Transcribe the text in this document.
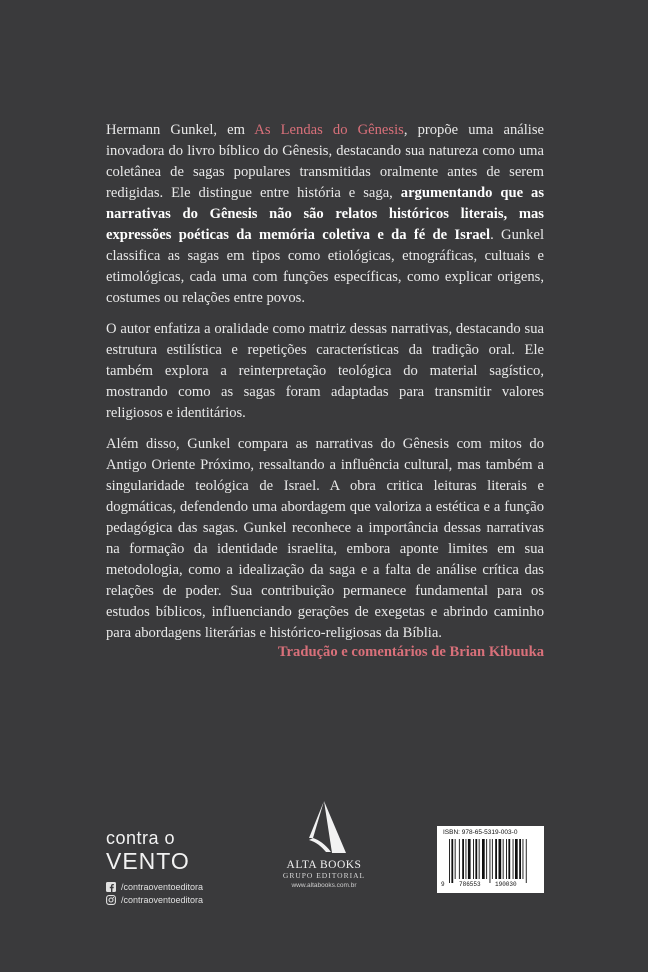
Hermann Gunkel, em As Lendas do Gênesis, propõe uma análise inovadora do livro bíblico do Gênesis, destacando sua natureza como uma coletânea de sagas populares transmitidas oralmente antes de serem redigidas. Ele distingue entre história e saga, argumentando que as narrativas do Gênesis não são relatos históricos literais, mas expressões poéticas da memória coletiva e da fé de Israel. Gunkel classifica as sagas em tipos como etiológicas, etnográficas, cultuais e etimológicas, cada uma com funções específicas, como explicar origens, costumes ou relações entre povos.

O autor enfatiza a oralidade como matriz dessas narrativas, destacando sua estrutura estilística e repetições características da tradição oral. Ele também explora a reinterpretação teológica do material sagístico, mostrando como as sagas foram adaptadas para transmitir valores religiosos e identitários.

Além disso, Gunkel compara as narrativas do Gênesis com mitos do Antigo Oriente Próximo, ressaltando a influência cultural, mas também a singularidade teológica de Israel. A obra critica leituras literais e dogmáticas, defendendo uma abordagem que valoriza a estética e a função pedagógica das sagas. Gunkel reconhece a importância dessas narrativas na formação da identidade israelita, embora aponte limites em sua metodologia, como a idealização da saga e a falta de análise crítica das relações de poder. Sua contribuição permanece fundamental para os estudos bíblicos, influenciando gerações de exegetas e abrindo caminho para abordagens literárias e histórico-religiosas da Bíblia.

Tradução e comentários de Brian Kibuuka
contra o
VENTO
/contraoventoeditora
/contraoventoeditora
ALTA BOOKS
GRUPO EDITORIAL
www.altabooks.com.br
ISBN: 978-65-5319-003-0
9 786553 190030
